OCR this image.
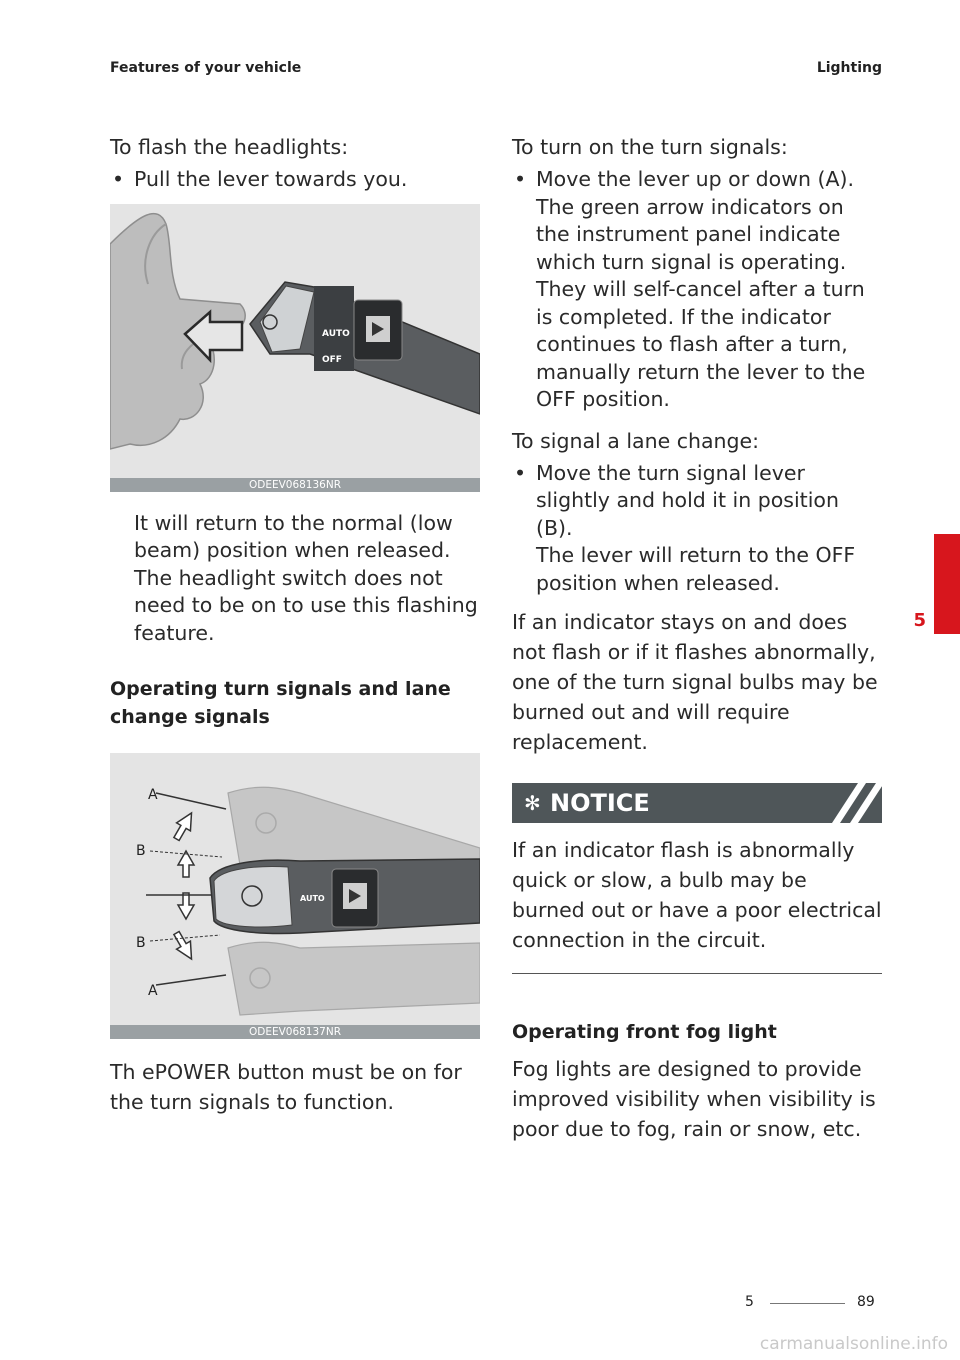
Features of your vehicle	Lighting

To flash the headlights:

• Pull the lever towards you.
AUTO
OFF
ODEEV068136NR

It will return to the normal (low beam) position when released. The headlight switch does not need to be on to use this flashing feature.

Operating turn signals and lane change signals

AUTO
A
B
B
A
ODEEV068137NR

Th ePOWER button must be on for the turn signals to function.

To turn on the turn signals:

• Move the lever up or down (A).

The green arrow indicators on the instrument panel indicate which turn signal is operating.

They will self-cancel after a turn is completed. If the indicator continues to flash after a turn, manually return the lever to the OFF position.

To signal a lane change:

• Move the turn signal lever slightly and hold it in position (B).

The lever will return to the OFF position when released.

If an indicator stays on and does not flash or if it flashes abnormally, one of the turn signal bulbs may be burned out and will require replacement.

✻ NOTICE

If an indicator flash is abnormally quick or slow, a bulb may be burned out or have a poor electrical connection in the circuit.

Operating front fog light

Fog lights are designed to provide improved visibility when visibility is poor due to fog, rain or snow, etc.

5
5	89
carmanualsonline.info
